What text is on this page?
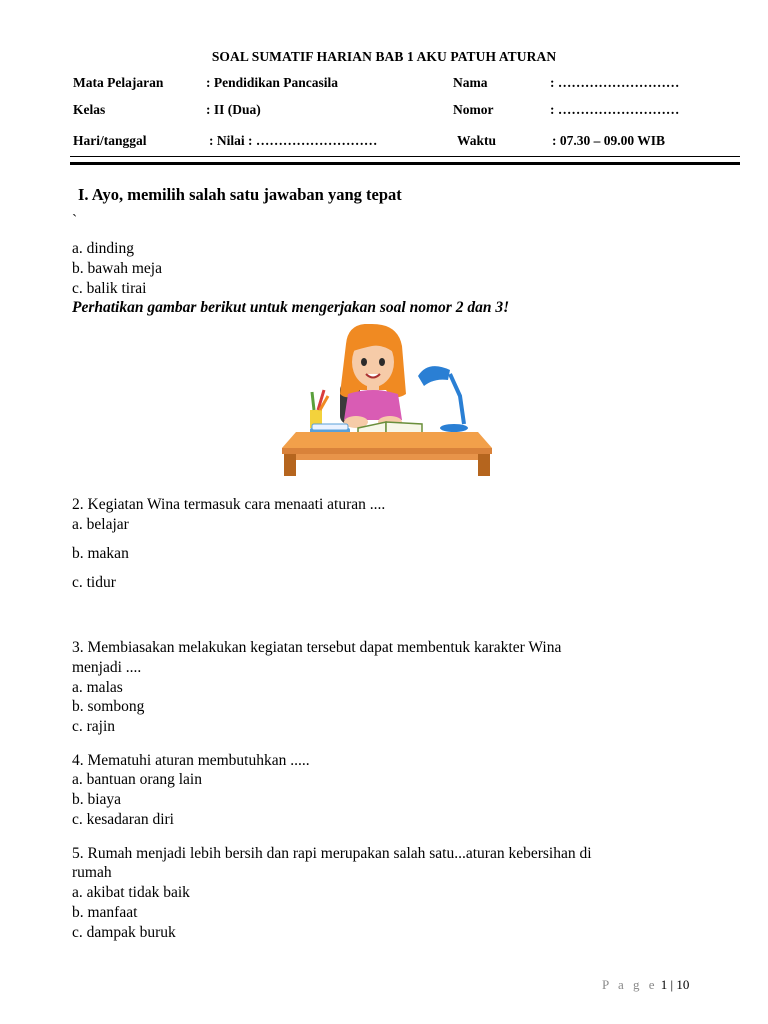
SOAL SUMATIF HARIAN BAB 1 AKU PATUH ATURAN
Mata Pelajaran	: Pendidikan Pancasila	Nama	: ………………………
Kelas	: II (Dua)	Nomor	: ………………………
Hari/tanggal	: Nilai : ………………………	Waktu	: 07.30 – 09.00 WIB
I. Ayo, memilih salah satu jawaban yang tepat
`
a. dinding
b. bawah meja
c. balik tirai
Perhatikan gambar berikut untuk mengerjakan soal nomor 2 dan 3!
2. Kegiatan Wina termasuk cara menaati aturan ....
a. belajar
b. makan
c. tidur
3. Membiasakan melakukan kegiatan tersebut dapat membentuk karakter Wina
menjadi ....
a. malas
b. sombong
c. rajin
4. Mematuhi aturan membutuhkan .....
a. bantuan orang lain
b. biaya
c. kesadaran diri
5. Rumah menjadi lebih bersih dan rapi merupakan salah satu...aturan kebersihan di
rumah
a. akibat tidak baik
b. manfaat
c. dampak buruk
P a g e 1 | 10
